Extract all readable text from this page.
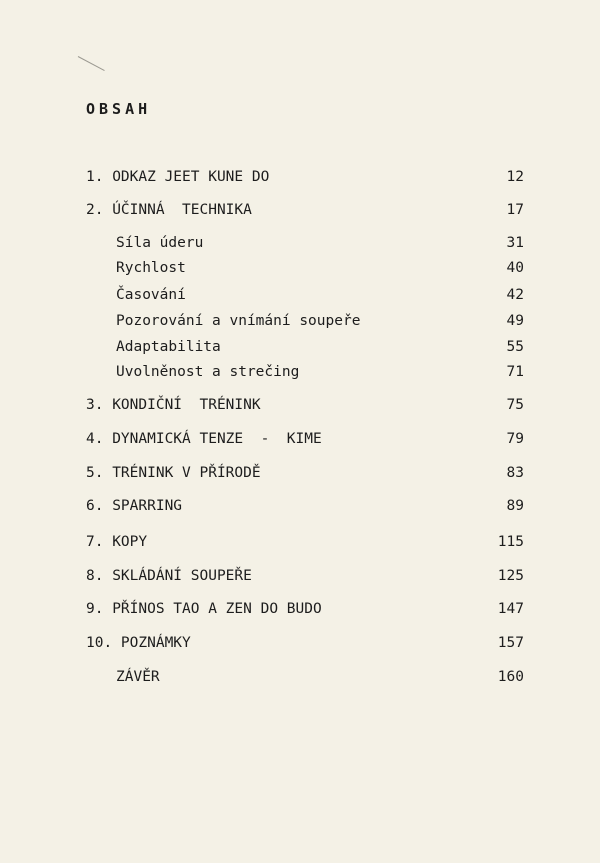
OBSAH
1. ODKAZ JEET KUNE DO	12
2. ÚČINNÁ  TECHNIKA	17
Síla úderu	31
Rychlost	40
Časování	42
Pozorování a vnímání soupeře	49
Adaptabilita	55
Uvolněnost a strečing	71
3. KONDIČNÍ  TRÉNINK	75
4. DYNAMICKÁ TENZE  -  KIME	79
5. TRÉNINK V PŘÍRODĚ	83
6. SPARRING	89
7. KOPY	115
8. SKLÁDÁNÍ SOUPEŘE	125
9. PŘÍNOS TAO A ZEN DO BUDO	147
10. POZNÁMKY	157
ZÁVĚR	160
